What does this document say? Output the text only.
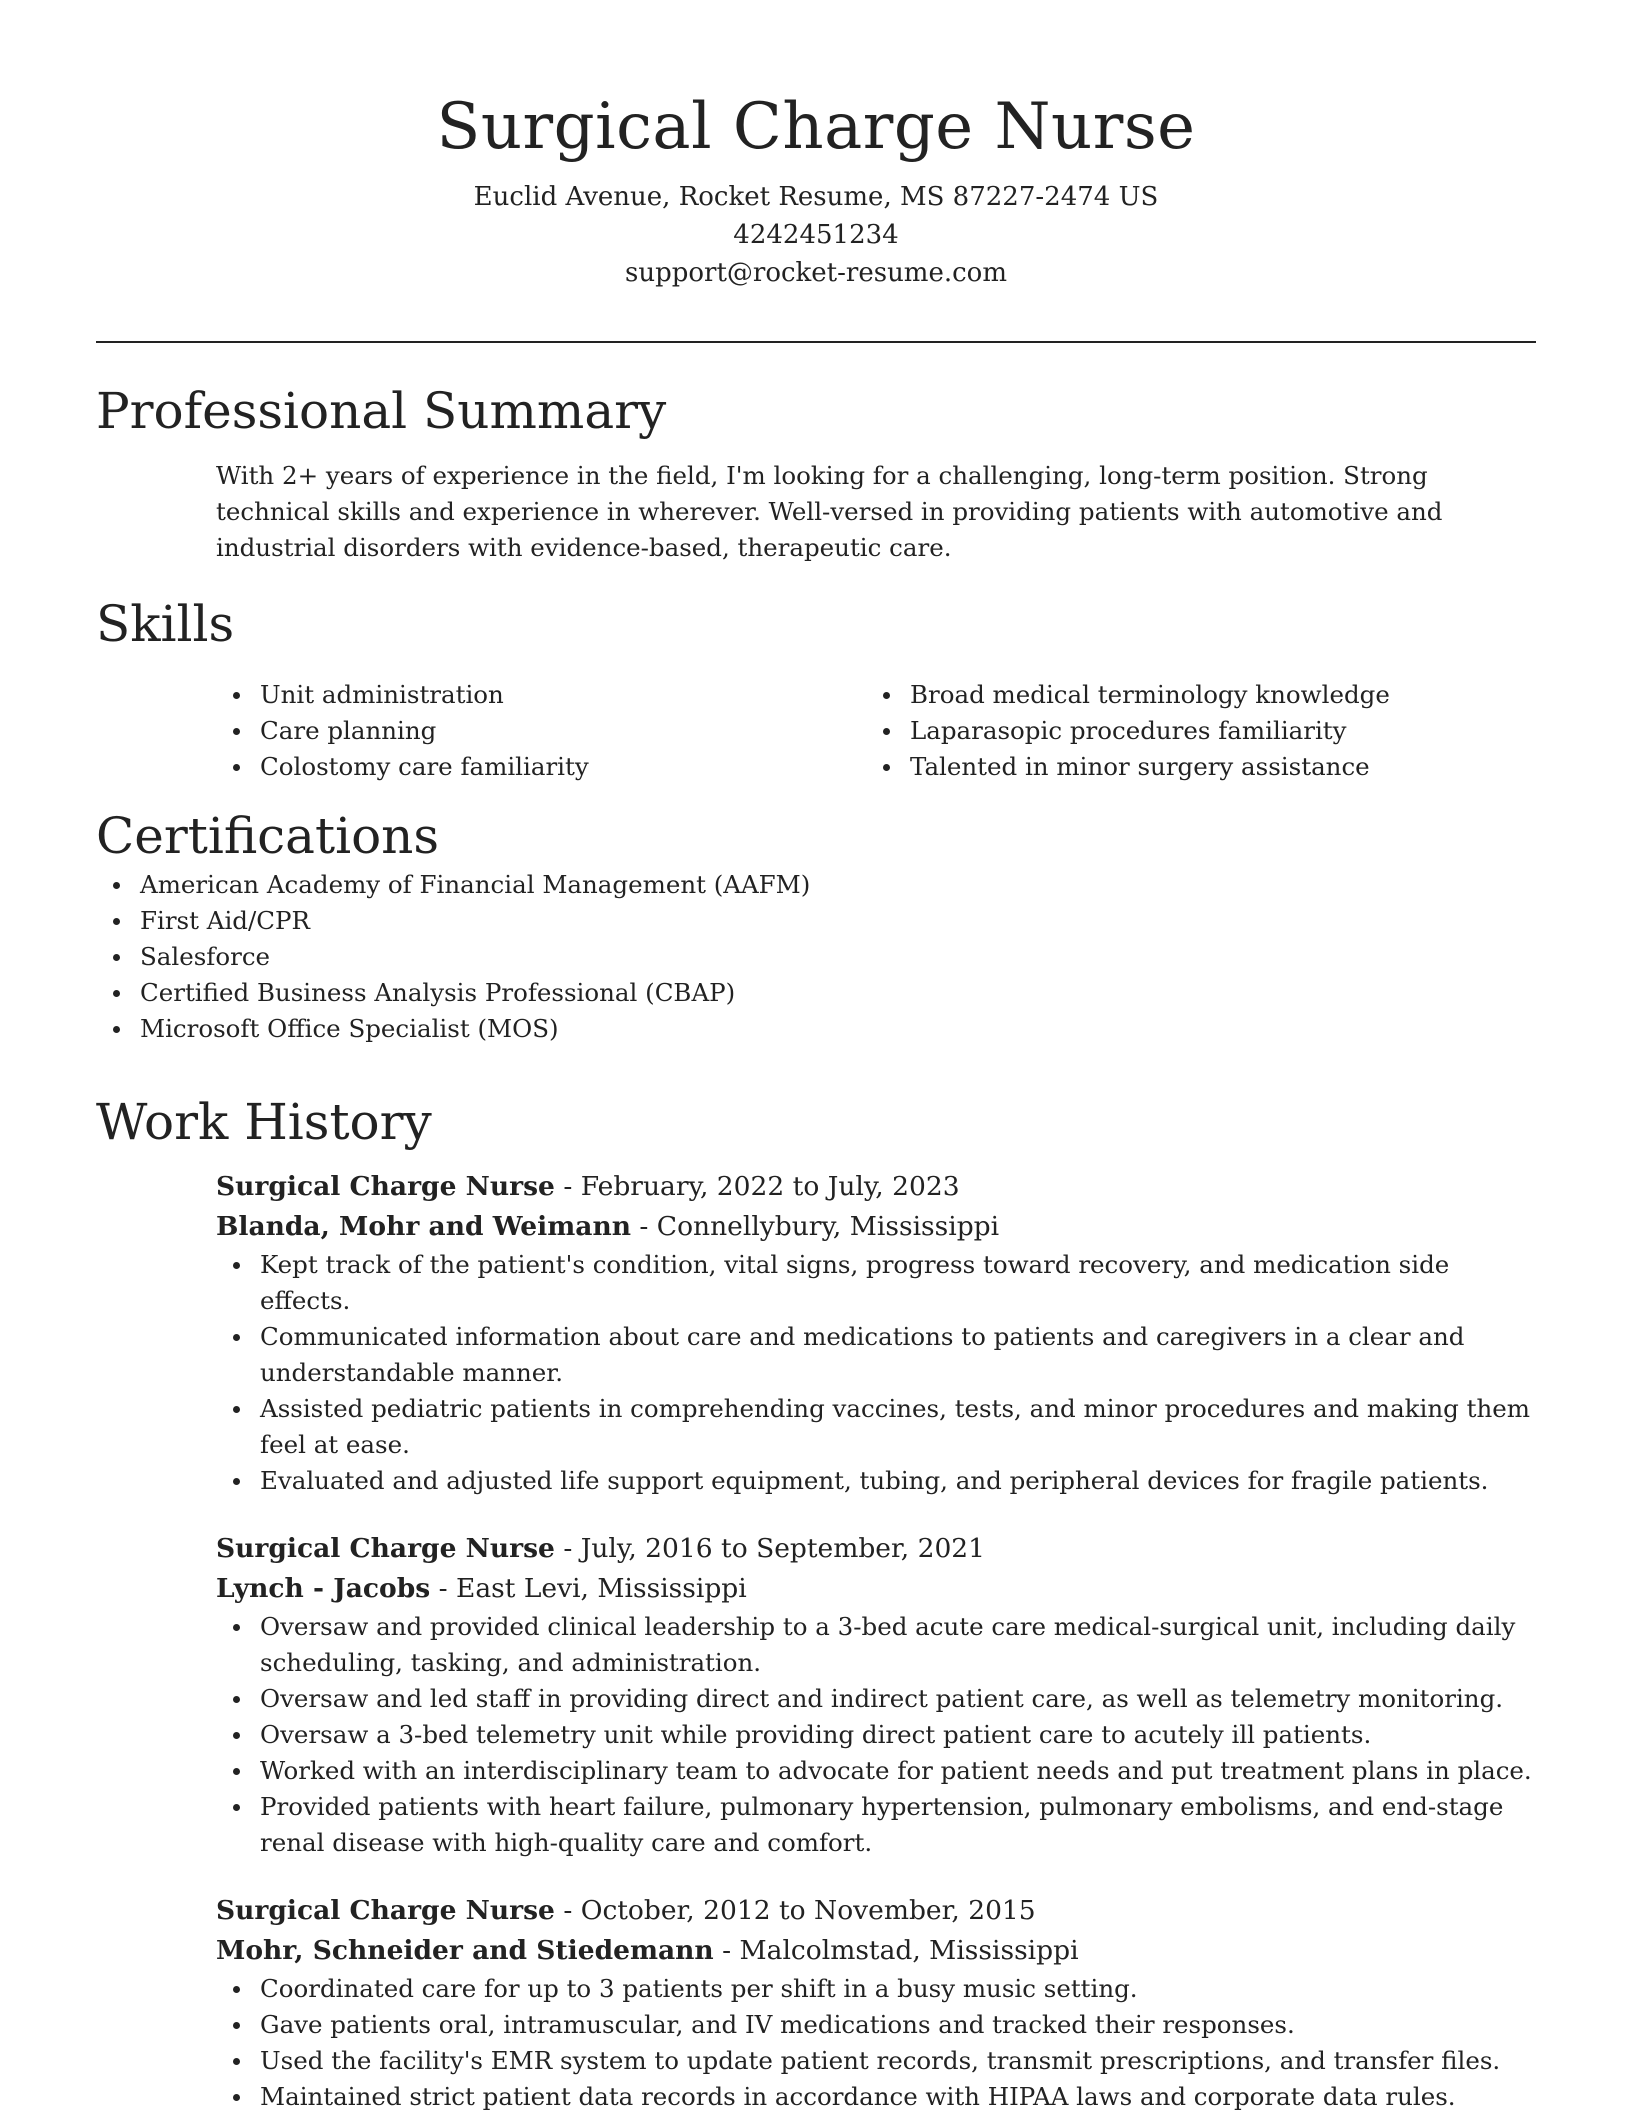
Surgical Charge Nurse
Euclid Avenue, Rocket Resume, MS 87227-2474 US
4242451234
support@rocket-resume.com
Professional Summary
With 2+ years of experience in the field, I'm looking for a challenging, long-term position. Strong technical skills and experience in wherever. Well-versed in providing patients with automotive and industrial disorders with evidence-based, therapeutic care.
Skills
Unit administration
Care planning
Colostomy care familiarity
Broad medical terminology knowledge
Laparasopic procedures familiarity
Talented in minor surgery assistance
Certifications
American Academy of Financial Management (AAFM)
First Aid/CPR
Salesforce
Certified Business Analysis Professional (CBAP)
Microsoft Office Specialist (MOS)
Work History
Surgical Charge Nurse - February, 2022 to July, 2023
Blanda, Mohr and Weimann - Connellybury, Mississippi
Kept track of the patient's condition, vital signs, progress toward recovery, and medication side effects.
Communicated information about care and medications to patients and caregivers in a clear and understandable manner.
Assisted pediatric patients in comprehending vaccines, tests, and minor procedures and making them feel at ease.
Evaluated and adjusted life support equipment, tubing, and peripheral devices for fragile patients.
Surgical Charge Nurse - July, 2016 to September, 2021
Lynch - Jacobs - East Levi, Mississippi
Oversaw and provided clinical leadership to a 3-bed acute care medical-surgical unit, including daily scheduling, tasking, and administration.
Oversaw and led staff in providing direct and indirect patient care, as well as telemetry monitoring.
Oversaw a 3-bed telemetry unit while providing direct patient care to acutely ill patients.
Worked with an interdisciplinary team to advocate for patient needs and put treatment plans in place.
Provided patients with heart failure, pulmonary hypertension, pulmonary embolisms, and end-stage renal disease with high-quality care and comfort.
Surgical Charge Nurse - October, 2012 to November, 2015
Mohr, Schneider and Stiedemann - Malcolmstad, Mississippi
Coordinated care for up to 3 patients per shift in a busy music setting.
Gave patients oral, intramuscular, and IV medications and tracked their responses.
Used the facility's EMR system to update patient records, transmit prescriptions, and transfer files.
Maintained strict patient data records in accordance with HIPAA laws and corporate data rules.
